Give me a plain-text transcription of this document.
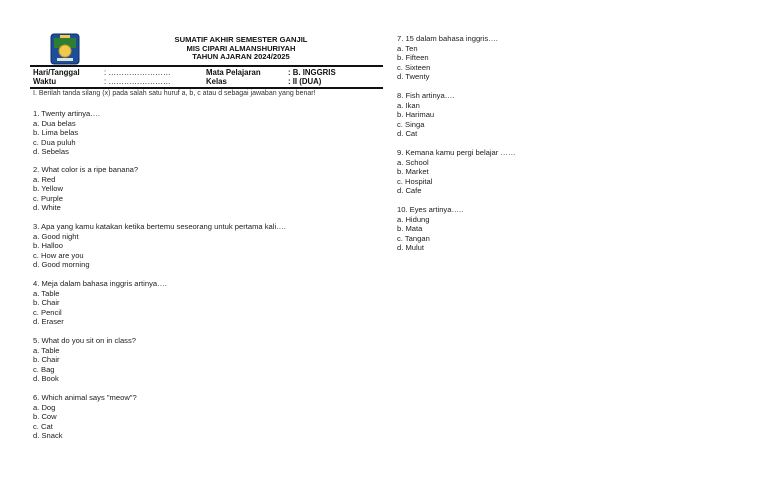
SUMATIF AKHIR SEMESTER GANJIL
MIS CIPARI ALMANSHURIYAH
TAHUN AJARAN 2024/2025
Hari/Tanggal	: ……………………
Waktu	: ……………………
Mata Pelajaran	: B. INGGRIS
Kelas	: II (DUA)
I. Berilah tanda silang (x) pada salah satu huruf a, b, c atau d sebagai jawaban yang benar!
1. Twenty artinya….
a. Dua belas
b. Lima belas
c. Dua puluh
d. Sebelas
2. What color is a ripe banana?
a. Red
b. Yellow
c. Purple
d. White
3. Apa yang kamu katakan ketika bertemu seseorang untuk pertama kali….
a. Good night
b. Halloo
c. How are you
d. Good morning
4. Meja dalam bahasa inggris artinya….
a. Table
b. Chair
c. Pencil
d. Eraser
5. What do you sit on in class?
a. Table
b. Chair
c. Bag
d. Book
6. Which animal says "meow"?
a. Dog
b. Cow
c. Cat
d. Snack
7. 15 dalam bahasa inggris….
a. Ten
b. Fifteen
c. Sixteen
d. Twenty
8. Fish artinya….
a. Ikan
b. Harimau
c. Singa
d. Cat
9. Kemana kamu pergi belajar ……
a. School
b. Market
c. Hospital
d. Cafe
10. Eyes artinya…..
a. Hidung
b. Mata
c. Tangan
d. Mulut
